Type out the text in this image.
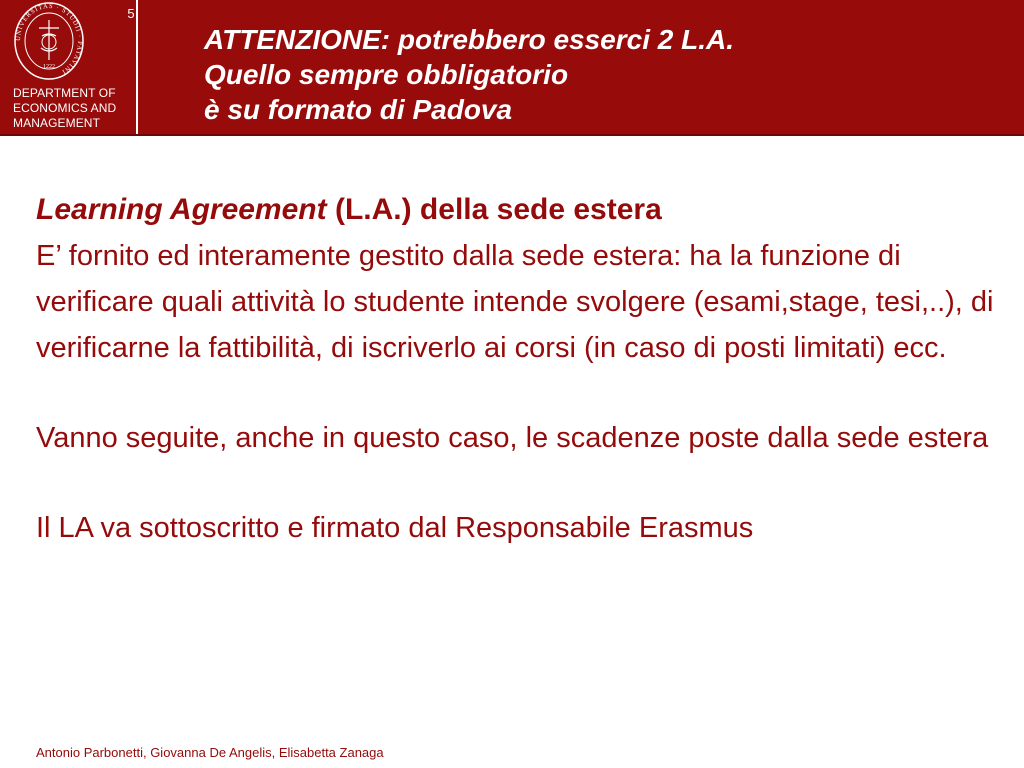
UNIVERSITAS · STUDII · PATAVINI
1222
5
DEPARTMENT OF
ECONOMICS AND
MANAGEMENT
ATTENZIONE: potrebbero esserci 2 L.A.
Quello sempre obbligatorio
è su formato di Padova

Learning Agreement (L.A.) della sede estera

E’ fornito ed interamente gestito dalla sede estera: ha la funzione di verificare quali attività lo studente intende svolgere (esami,stage, tesi,..), di verificarne la fattibilità, di iscriverlo ai corsi (in caso di posti limitati) ecc.

Vanno seguite, anche in questo caso, le scadenze poste dalla sede estera

Il LA va sottoscritto e firmato dal Responsabile Erasmus

Antonio Parbonetti, Giovanna De Angelis, Elisabetta Zanaga
